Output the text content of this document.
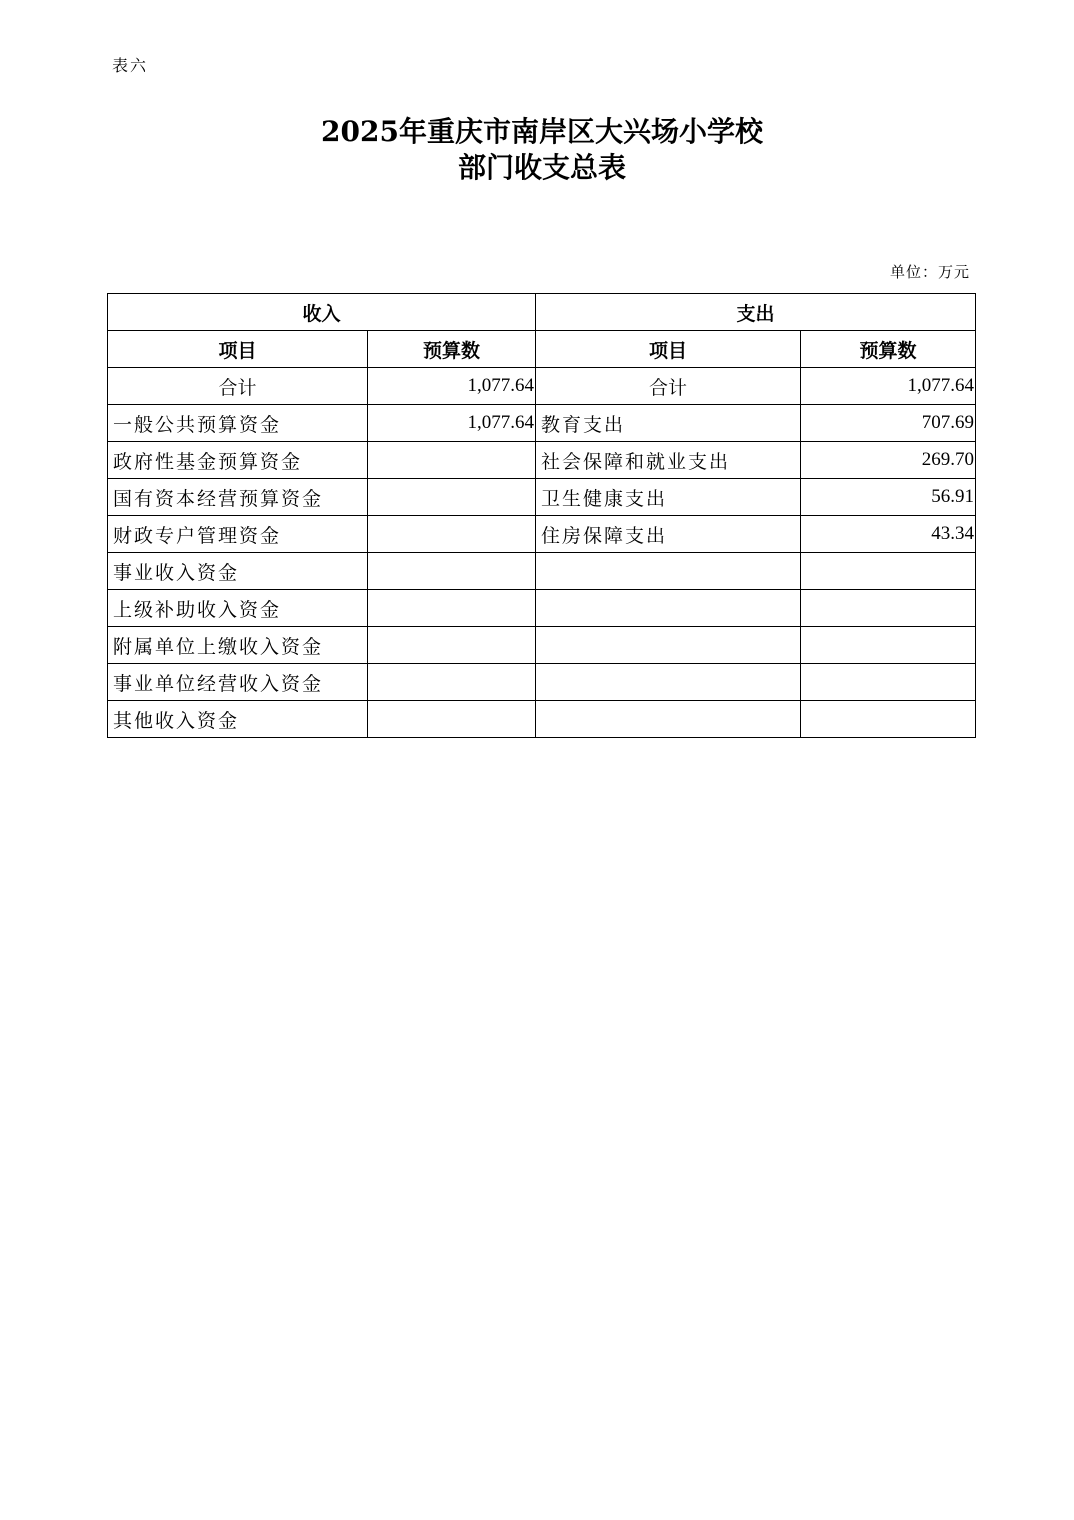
表六
2025年重庆市南岸区大兴场小学校
部门收支总表
单位：万元
收入		支出	
项目	预算数	项目	预算数
合计	1,077.64	合计	1,077.64
一般公共预算资金	1,077.64	教育支出	707.69
政府性基金预算资金		社会保障和就业支出	269.70
国有资本经营预算资金		卫生健康支出	56.91
财政专户管理资金		住房保障支出	43.34
事业收入资金			
上级补助收入资金			
附属单位上缴收入资金			
事业单位经营收入资金			
其他收入资金			
